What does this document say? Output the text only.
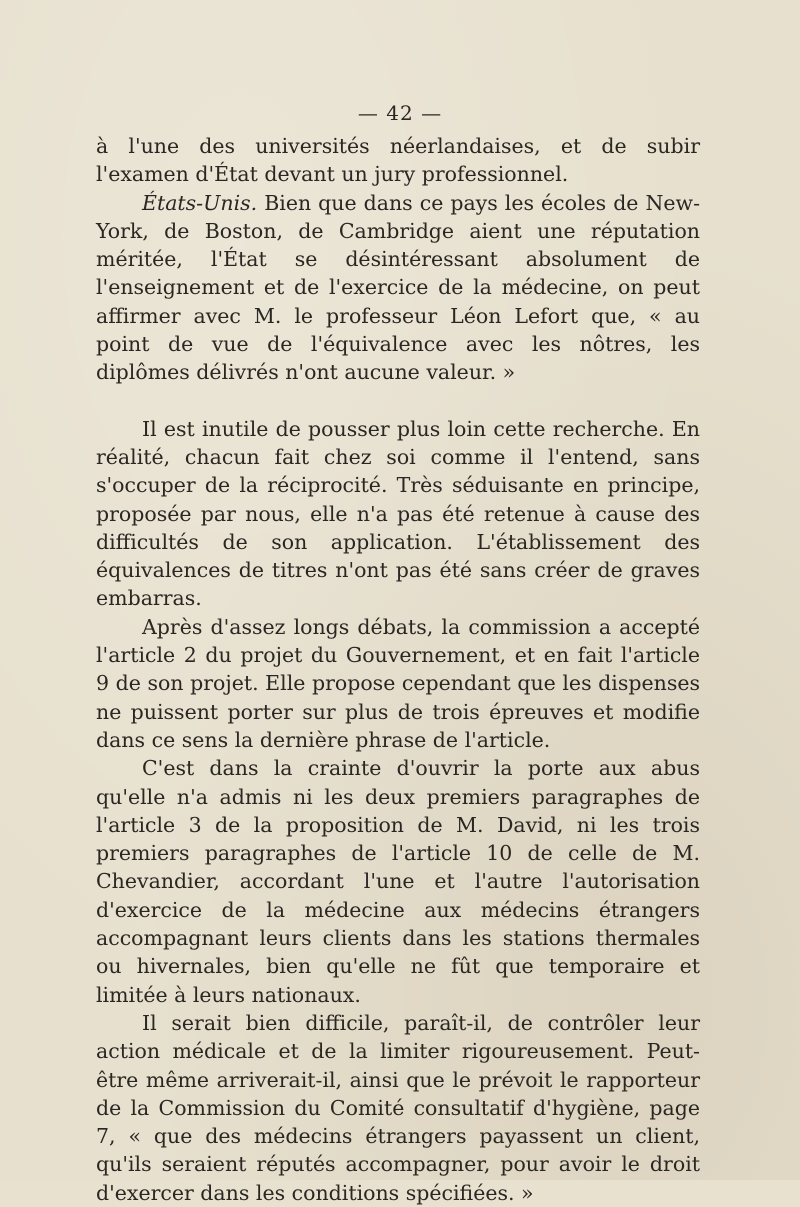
— 42 —

à l'une des universités néerlandaises, et de subir l'examen d'État devant un jury professionnel.

États-Unis. Bien que dans ce pays les écoles de New-York, de Boston, de Cambridge aient une réputation méritée, l'État se désintéressant absolument de l'enseignement et de l'exercice de la médecine, on peut affirmer avec M. le professeur Léon Lefort que, « au point de vue de l'équivalence avec les nôtres, les diplômes délivrés n'ont aucune valeur. »

Il est inutile de pousser plus loin cette recherche. En réalité, chacun fait chez soi comme il l'entend, sans s'occuper de la réciprocité. Très séduisante en principe, proposée par nous, elle n'a pas été retenue à cause des difficultés de son application. L'établissement des équivalences de titres n'ont pas été sans créer de graves embarras.

Après d'assez longs débats, la commission a accepté l'article 2 du projet du Gouvernement, et en fait l'article 9 de son projet. Elle propose cependant que les dispenses ne puissent porter sur plus de trois épreuves et modifie dans ce sens la dernière phrase de l'article.

C'est dans la crainte d'ouvrir la porte aux abus qu'elle n'a admis ni les deux premiers paragraphes de l'article 3 de la proposition de M. David, ni les trois premiers paragraphes de l'article 10 de celle de M. Chevandier, accordant l'une et l'autre l'autorisation d'exercice de la médecine aux médecins étrangers accompagnant leurs clients dans les stations thermales ou hivernales, bien qu'elle ne fût que temporaire et limitée à leurs nationaux.

Il serait bien difficile, paraît-il, de contrôler leur action médicale et de la limiter rigoureusement. Peut-être même arriverait-il, ainsi que le prévoit le rapporteur de la Commission du Comité consultatif d'hygiène, page 7, « que des médecins étrangers payassent un client, qu'ils seraient réputés accompagner, pour avoir le droit d'exercer dans les conditions spécifiées. »
